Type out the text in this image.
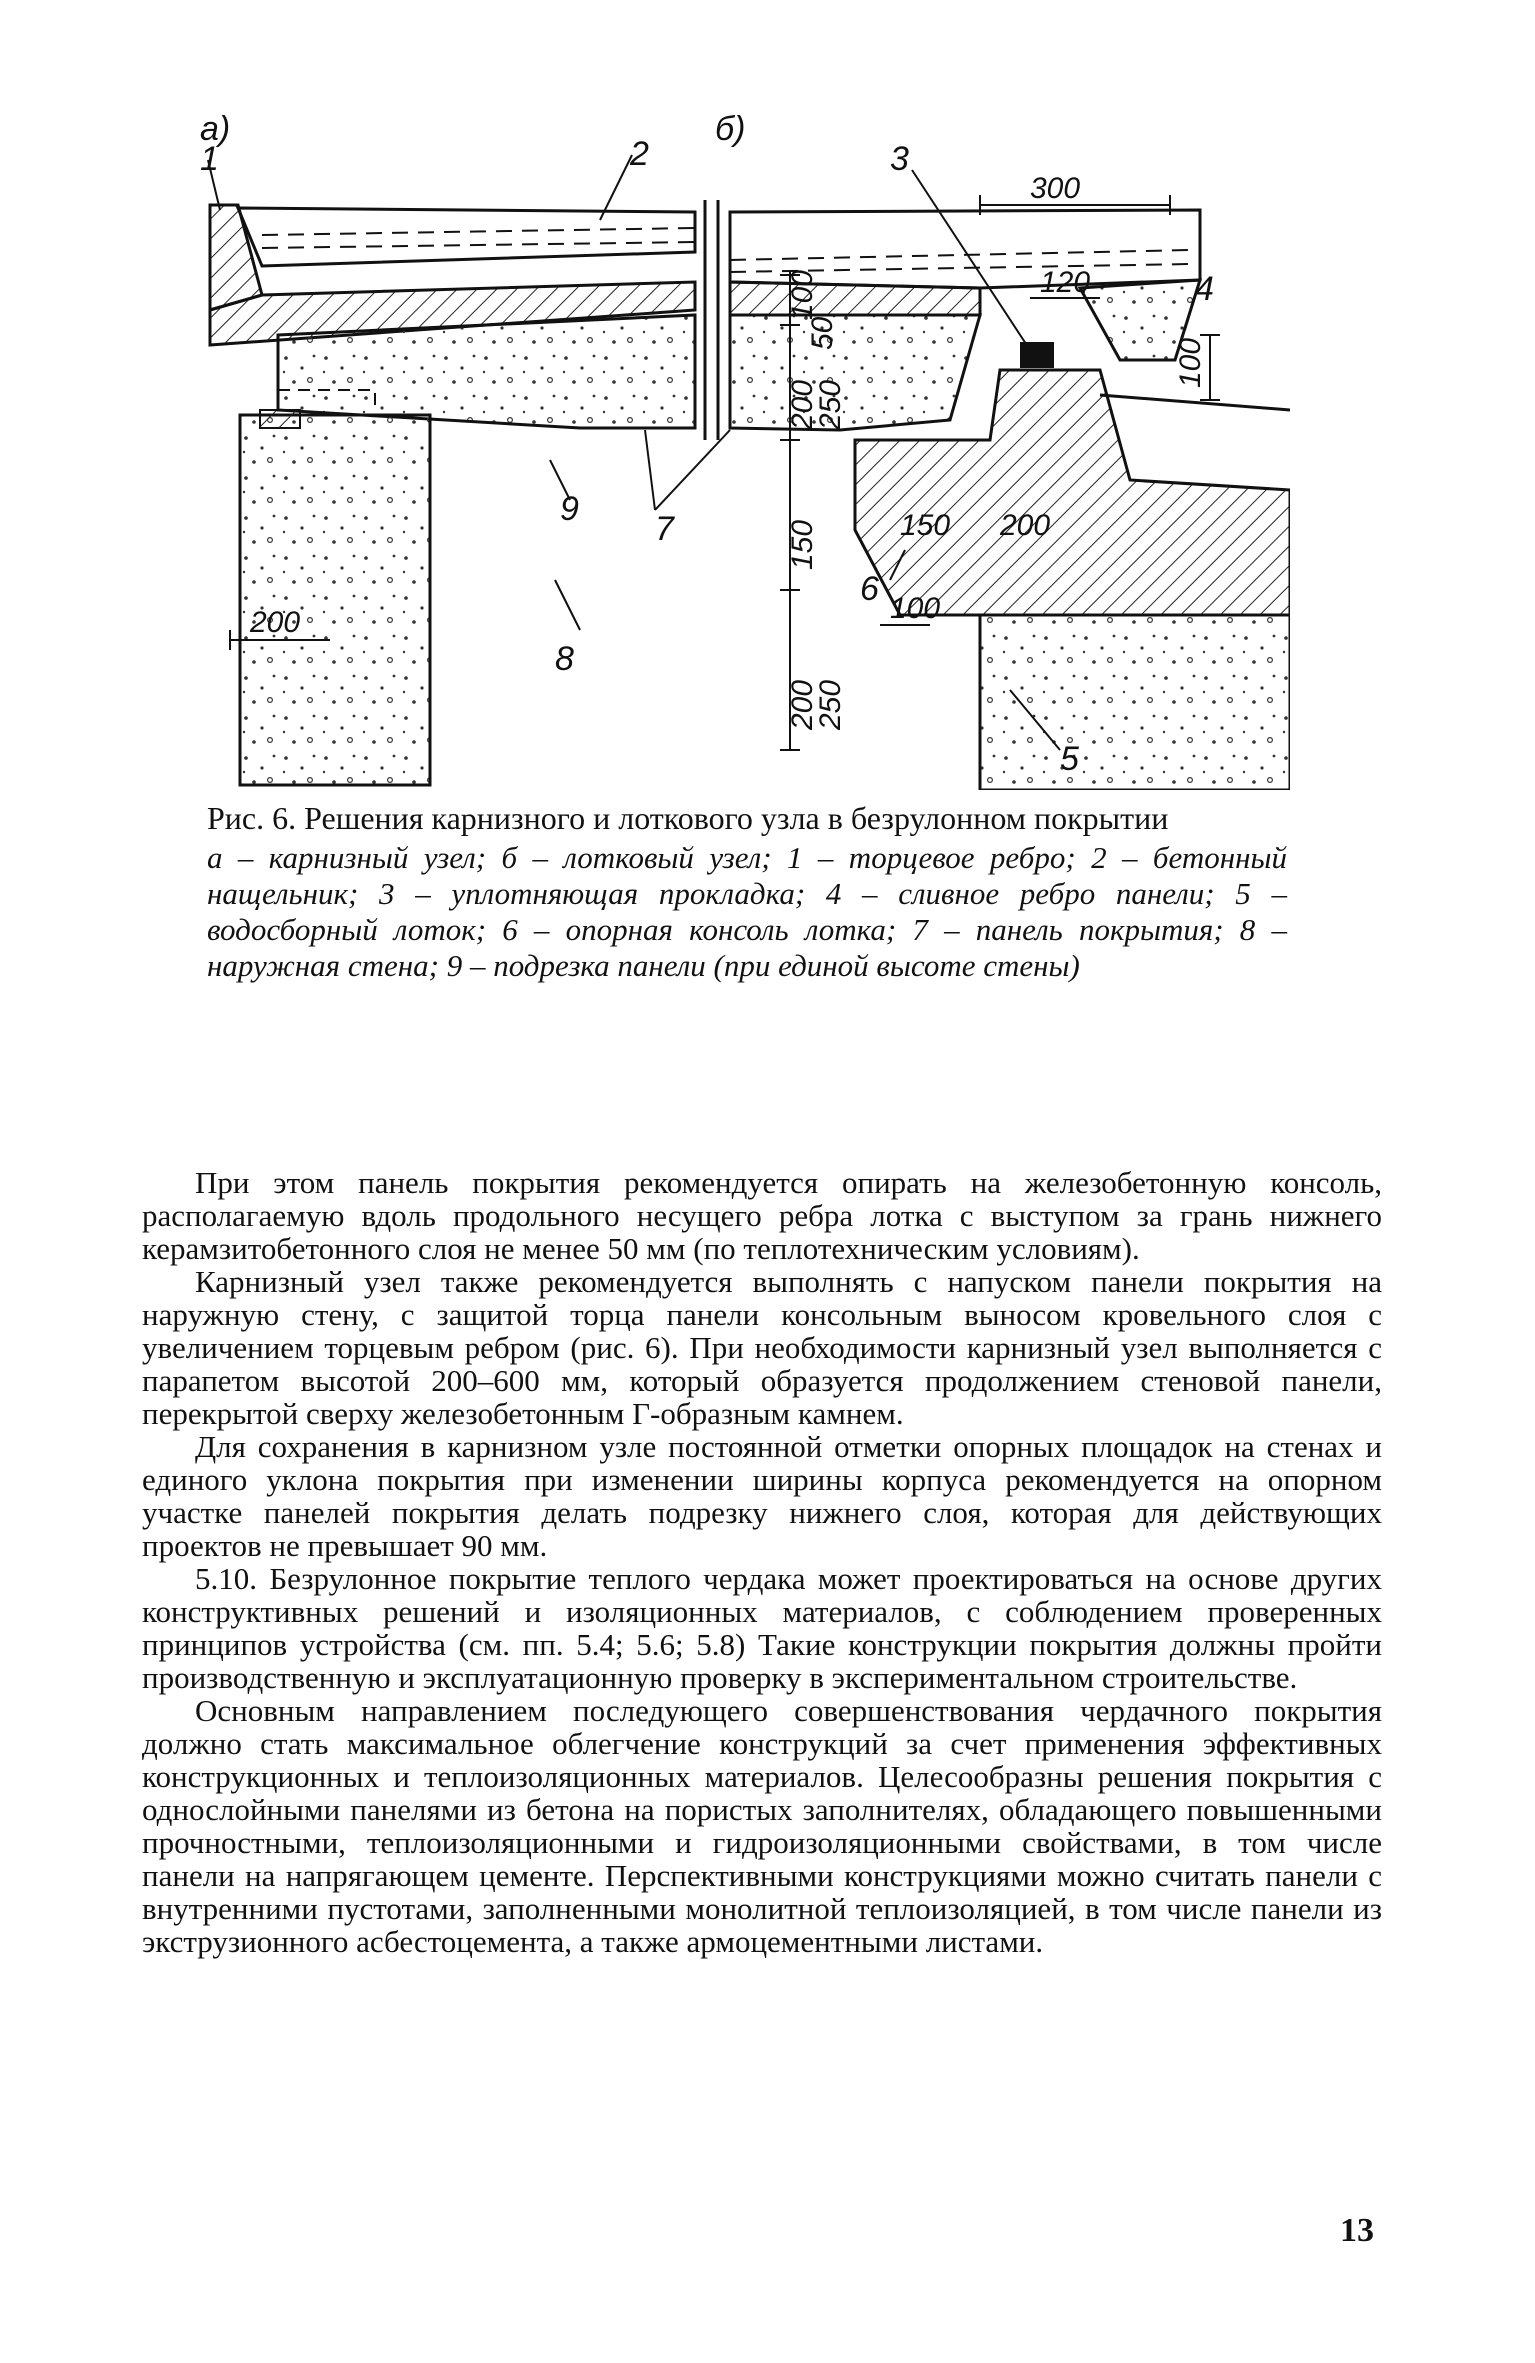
а)	б)
1	2	3
4
5
6
7
8
9
300
120
100
100
50
200
250
150
200
250
150 200
100
200

Рис. 6. Решения карнизного и лоткового узла в безрулонном покрытии

а – карнизный узел; б – лотковый узел; 1 – торцевое ребро; 2 – бетонный нащельник; 3 – уплотняющая прокладка; 4 – сливное ребро панели; 5 – водосборный лоток; 6 – опорная консоль лотка; 7 – панель покрытия; 8 – наружная стена; 9 – подрезка панели (при единой высоте стены)

При этом панель покрытия рекомендуется опирать на железобетонную консоль, располагаемую вдоль продольного несущего ребра лотка с выступом за грань нижнего керамзитобетонного слоя не менее 50 мм (по теплотехническим условиям).

Карнизный узел также рекомендуется выполнять с напуском панели покрытия на наружную стену, с защитой торца панели консольным выносом кровельного слоя с увеличением торцевым ребром (рис. 6). При необходимости карнизный узел выполняется с парапетом высотой 200–600 мм, который образуется продолжением стеновой панели, перекрытой сверху железобетонным Г-образным камнем.

Для сохранения в карнизном узле постоянной отметки опорных площадок на стенах и единого уклона покрытия при изменении ширины корпуса рекомендуется на опорном участке панелей покрытия делать подрезку нижнего слоя, которая для действующих проектов не превышает 90 мм.

5.10. Безрулонное покрытие теплого чердака может проектироваться на основе других конструктивных решений и изоляционных материалов, с соблюдением проверенных принципов устройства (см. пп. 5.4; 5.6; 5.8) Такие конструкции покрытия должны пройти производственную и эксплуатационную проверку в экспериментальном строительстве.

Основным направлением последующего совершенствования чердачного покрытия должно стать максимальное облегчение конструкций за счет применения эффективных конструкционных и теплоизоляционных материалов. Целесообразны решения покрытия с однослойными панелями из бетона на пористых заполнителях, обладающего повышенными прочностными, теплоизоляционными и гидроизоляционными свойствами, в том числе панели на напрягающем цементе. Перспективными конструкциями можно считать панели с внутренними пустотами, заполненными монолитной теплоизоляцией, в том числе панели из экструзионного асбестоцемента, а также армоцементными листами.

13
